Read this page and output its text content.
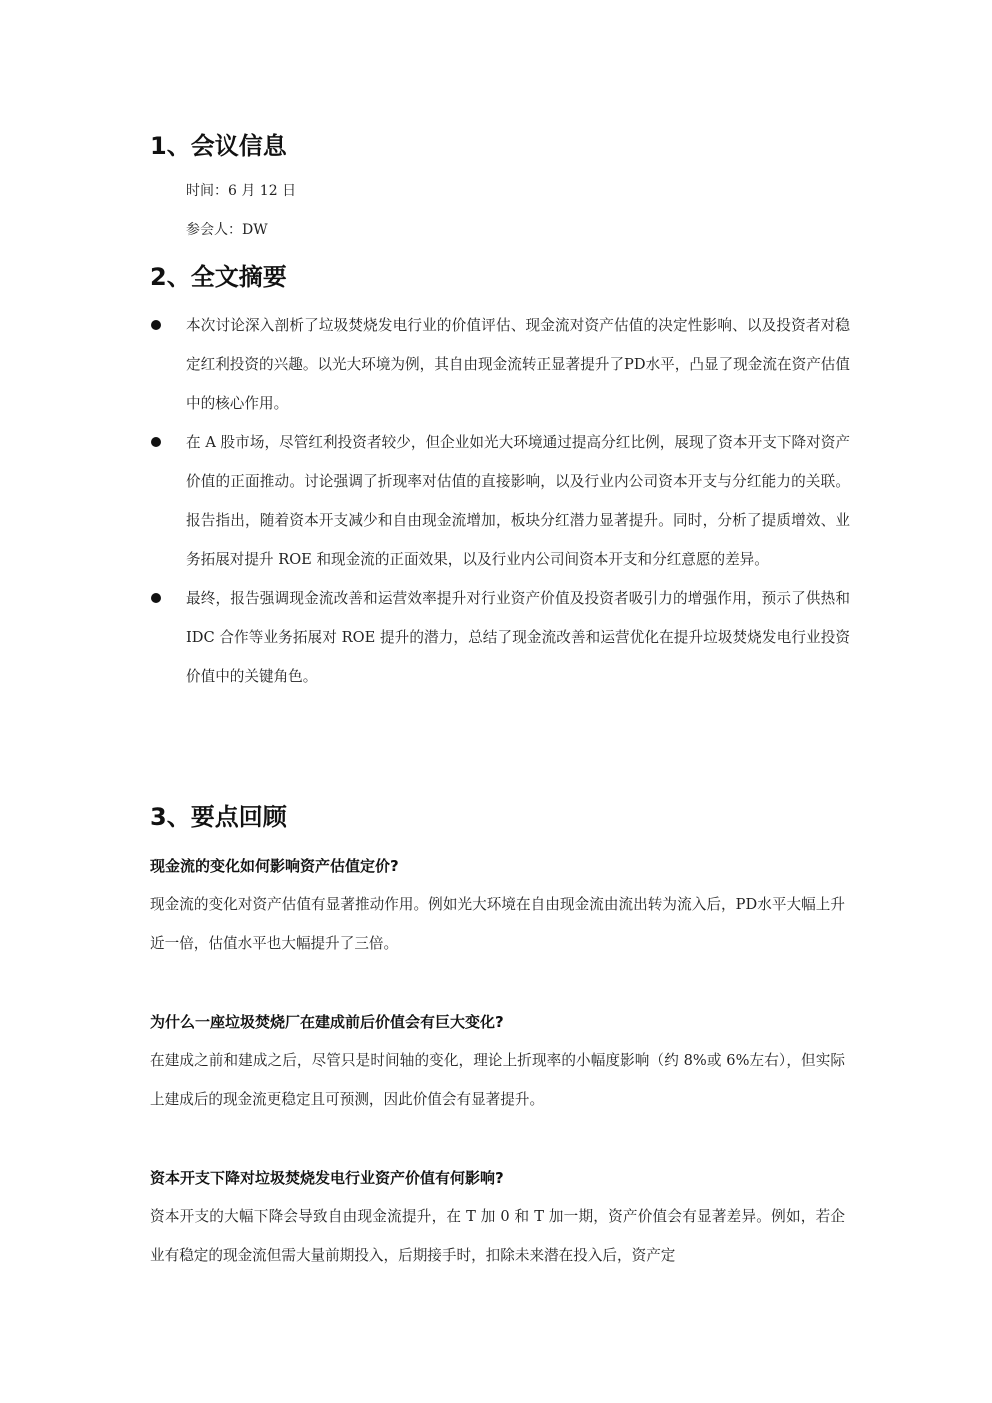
1、会议信息
时间：6 月 12 日
参会人：DW
2、全文摘要
本次讨论深入剖析了垃圾焚烧发电行业的价值评估、现金流对资产估值的决定性影响、以及投资者对稳定红利投资的兴趣。以光大环境为例，其自由现金流转正显著提升了PD水平，凸显了现金流在资产估值中的核心作用。
在 A 股市场，尽管红利投资者较少，但企业如光大环境通过提高分红比例，展现了资本开支下降对资产价值的正面推动。讨论强调了折现率对估值的直接影响，以及行业内公司资本开支与分红能力的关联。报告指出，随着资本开支减少和自由现金流增加，板块分红潜力显著提升。同时，分析了提质增效、业务拓展对提升 ROE 和现金流的正面效果，以及行业内公司间资本开支和分红意愿的差异。
最终，报告强调现金流改善和运营效率提升对行业资产价值及投资者吸引力的增强作用，预示了供热和 IDC 合作等业务拓展对 ROE 提升的潜力，总结了现金流改善和运营优化在提升垃圾焚烧发电行业投资价值中的关键角色。
3、要点回顾

现金流的变化如何影响资产估值定价?

现金流的变化对资产估值有显著推动作用。例如光大环境在自由现金流由流出转为流入后，PD水平大幅上升近一倍，估值水平也大幅提升了三倍。

为什么一座垃圾焚烧厂在建成前后价值会有巨大变化?

在建成之前和建成之后，尽管只是时间轴的变化，理论上折现率的小幅度影响（约 8%或 6%左右），但实际上建成后的现金流更稳定且可预测，因此价值会有显著提升。

资本开支下降对垃圾焚烧发电行业资产价值有何影响?

资本开支的大幅下降会导致自由现金流提升，在 T 加 0 和 T 加一期，资产价值会有显著差异。例如，若企业有稳定的现金流但需大量前期投入，后期接手时，扣除未来潜在投入后，资产定
